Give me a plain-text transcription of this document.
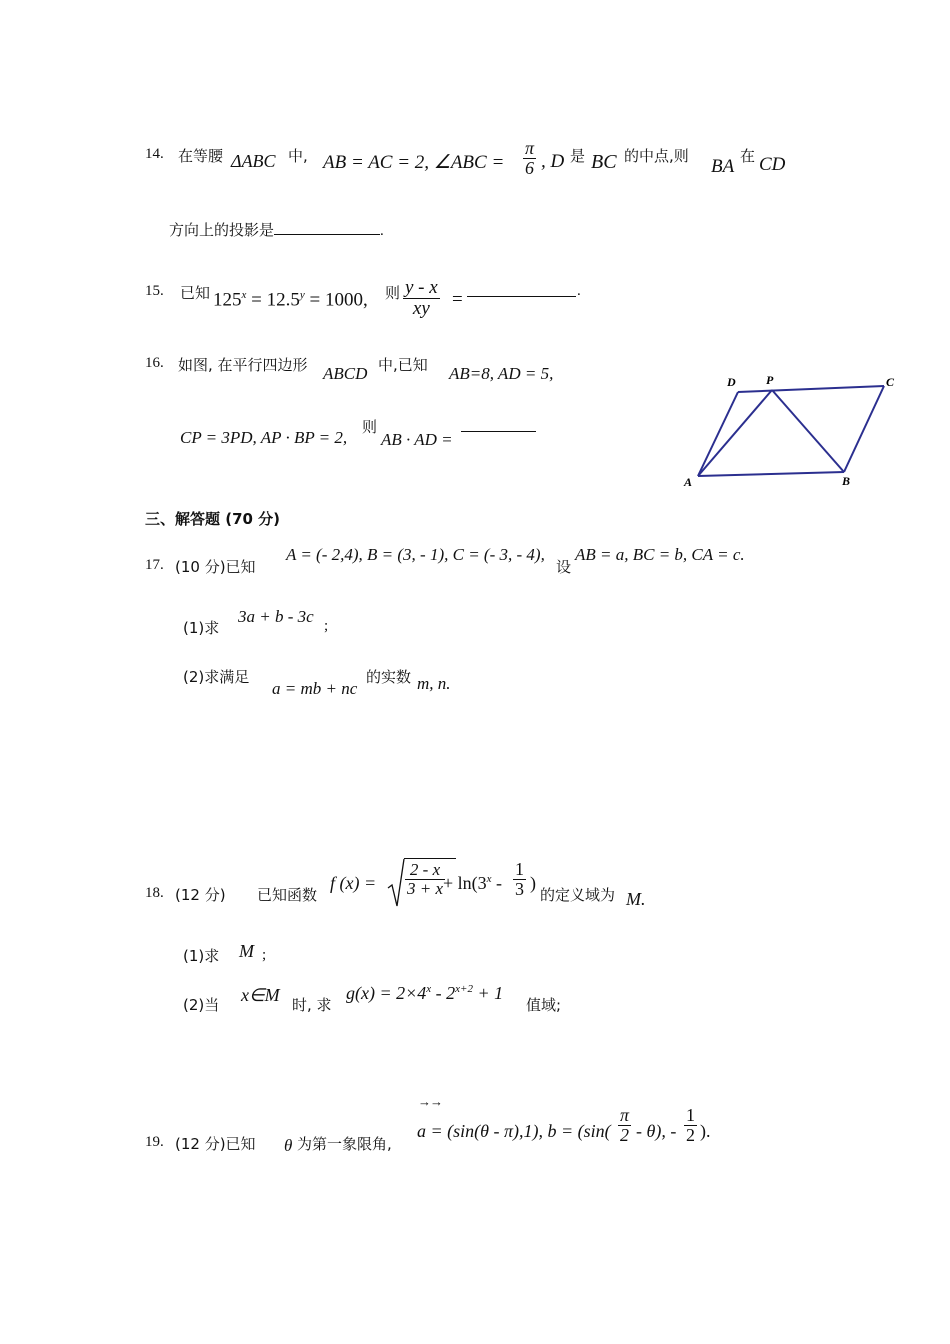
14. 在等腰 ΔABC 中, AB = AC = 2, ∠ABC = $\frac{\pi}{6}$ , D 是 BC 的中点,则 BA 在 CD
方向上的投影是	.
15. 已知 $125^x = 12.5^y = 1000$, 则 $\frac{y - x}{xy}$ =	.
16. 如图, 在平行四边形 ABCD 中,已知 AB=8, AD = 5,
CP = 3PD, AP · BP = 2,
则
AB · AD =
D	P	C
A	B
三、解答题 (70 分)
17. (10 分)已知
A = (- 2,4), B = (3, - 1), C = (- 3, - 4),
设
AB = a, BC = b, CA = c.
(1)求
3a + b - 3c ;
(2)求满足
a = mb + nc
的实数 m, n.
18. (12 分) 已知函数
f $(x) = \frac{2 - x}{3 + x}$
+ $\ln(3^x - \frac{1}{3}$ )
的定义域为 M.
(1)求 M ;
(2)当 x∈M 时, 求
$g(x) = 2\times 4^x - 2^{x+2} + 1$
值域;
19. (12 分)已知 θ 为第一象限角,
→→
a = (sin(θ - π),1), $b = (\sin( \frac{\pi}{2} - \theta)$, - $\frac{1}{2}$ ).
